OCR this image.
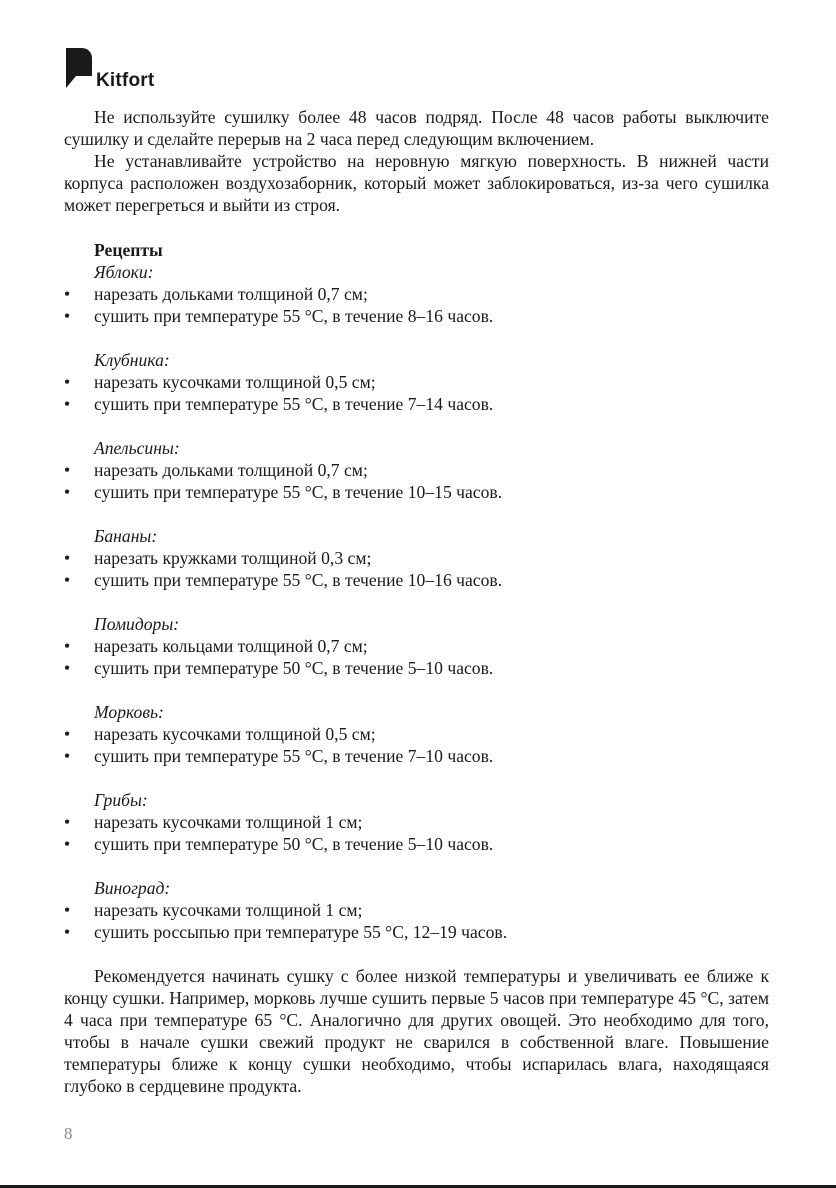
Kitfort

Не используйте сушилку более 48 часов подряд. После 48 часов работы выключите сушилку и сделайте перерыв на 2 часа перед следующим включением.

Не устанавливайте устройство на неровную мягкую поверхность. В нижней части корпуса расположен воздухозаборник, который может заблокироваться, из-за чего сушилка может перегреться и выйти из строя.

Рецепты
Яблоки:
• нарезать дольками толщиной 0,7 см;
• сушить при температуре 55 °C, в течение 8–16 часов.
Клубника:
• нарезать кусочками толщиной 0,5 см;
• сушить при температуре 55 °C, в течение 7–14 часов.
Апельсины:
• нарезать дольками толщиной 0,7 см;
• сушить при температуре 55 °C, в течение 10–15 часов.
Бананы:
• нарезать кружками толщиной 0,3 см;
• сушить при температуре 55 °C, в течение 10–16 часов.
Помидоры:
• нарезать кольцами толщиной 0,7 см;
• сушить при температуре 50 °C, в течение 5–10 часов.
Морковь:
• нарезать кусочками толщиной 0,5 см;
• сушить при температуре 55 °C, в течение 7–10 часов.
Грибы:
• нарезать кусочками толщиной 1 см;
• сушить при температуре 50 °C, в течение 5–10 часов.
Виноград:
• нарезать кусочками толщиной 1 см;
• сушить россыпью при температуре 55 °C, 12–19 часов.

Рекомендуется начинать сушку с более низкой температуры и увеличивать ее ближе к концу сушки. Например, морковь лучше сушить первые 5 часов при температуре 45 °C, затем 4 часа при температуре 65 °C. Аналогично для других овощей. Это необходимо для того, чтобы в начале сушки свежий продукт не сварился в собственной влаге. Повышение температуры ближе к концу сушки необходимо, чтобы испарилась влага, находящаяся глубоко в сердцевине продукта.

8
